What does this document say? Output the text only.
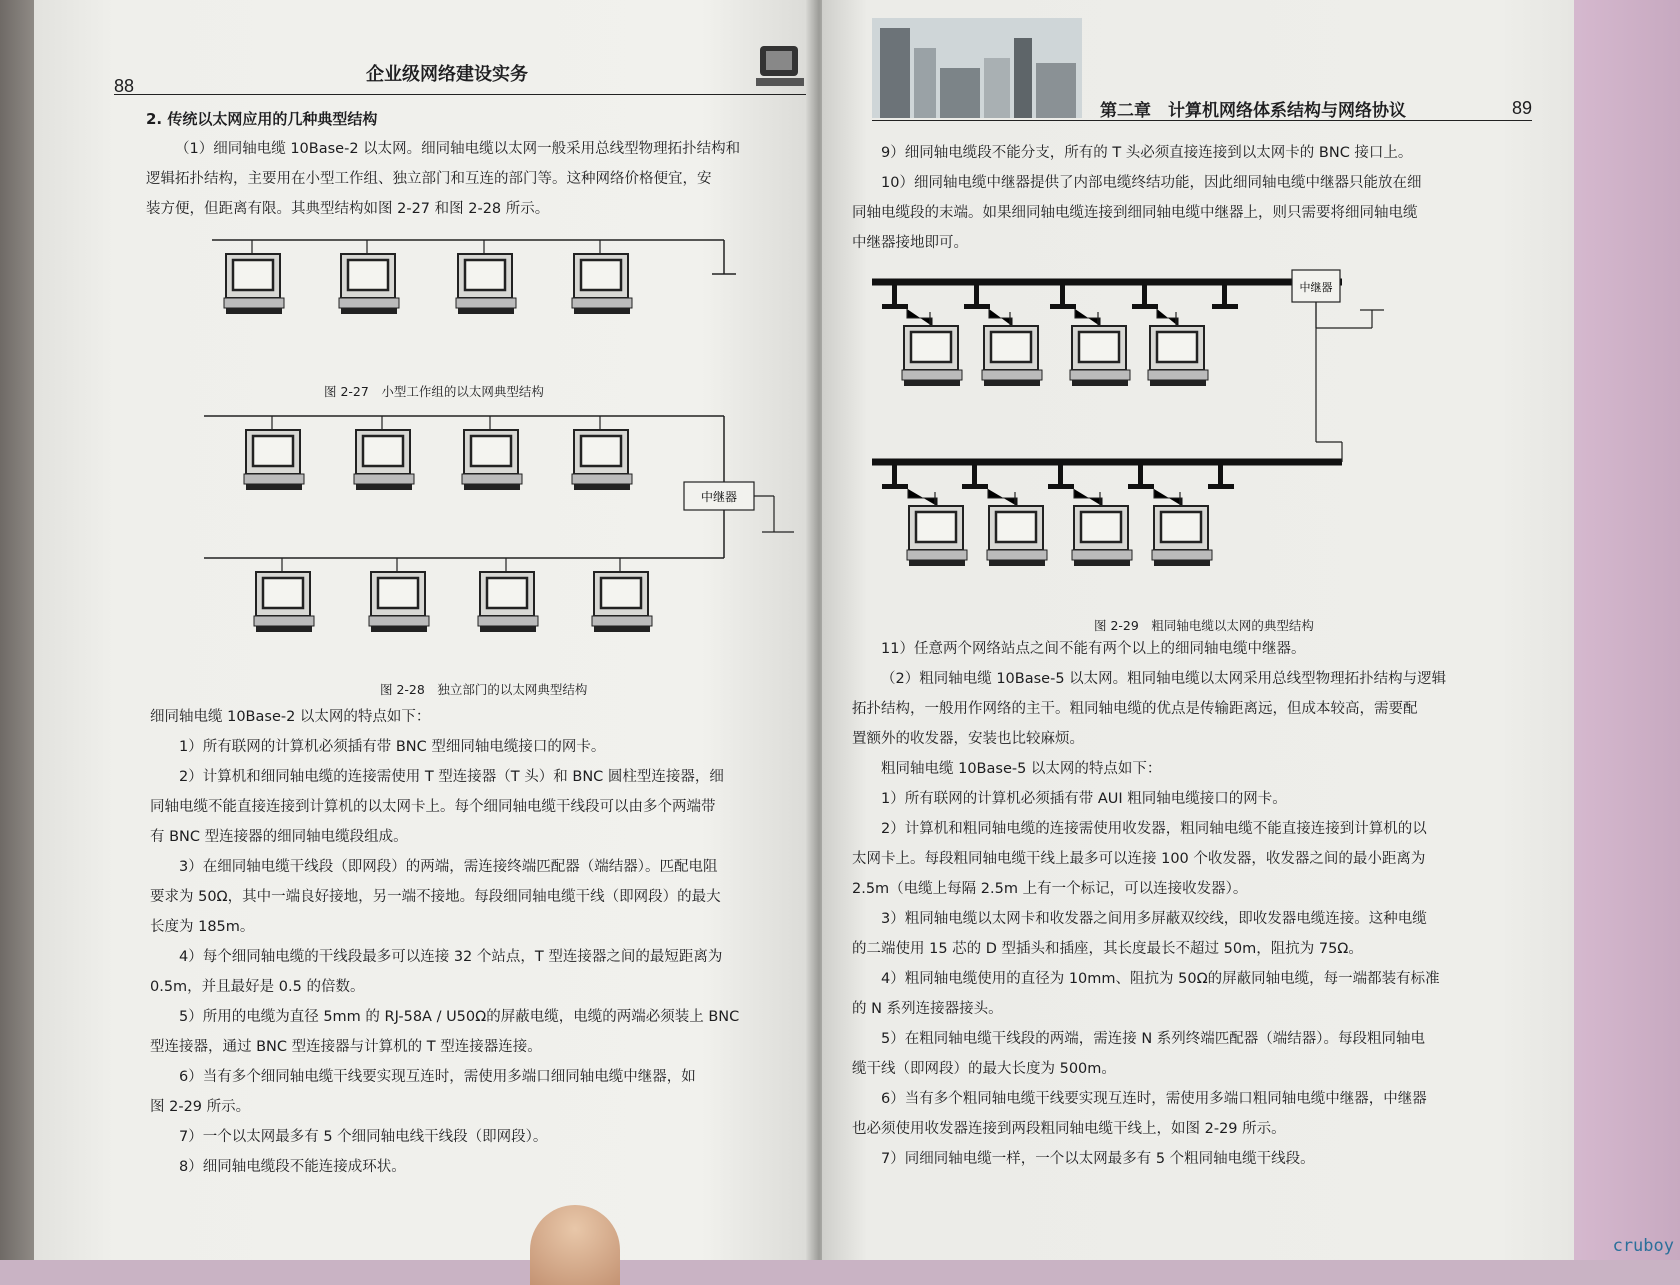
88
企业级网络建设实务

2. 传统以太网应用的几种典型结构

（1）细同轴电缆 10Base-2 以太网。细同轴电缆以太网一般采用总线型物理拓扑结构和

逻辑拓扑结构，主要用在小型工作组、独立部门和互连的部门等。这种网络价格便宜，安

装方便，但距离有限。其典型结构如图 2-27 和图 2-28 所示。

图 2-27　小型工作组的以太网典型结构
中继器
图 2-28　独立部门的以太网典型结构

细同轴电缆 10Base-2 以太网的特点如下：

1）所有联网的计算机必须插有带 BNC 型细同轴电缆接口的网卡。

2）计算机和细同轴电缆的连接需使用 T 型连接器（T 头）和 BNC 圆柱型连接器，细

同轴电缆不能直接连接到计算机的以太网卡上。每个细同轴电缆干线段可以由多个两端带

有 BNC 型连接器的细同轴电缆段组成。

3）在细同轴电缆干线段（即网段）的两端，需连接终端匹配器（端结器）。匹配电阻

要求为 50Ω，其中一端良好接地，另一端不接地。每段细同轴电缆干线（即网段）的最大

长度为 185m。

4）每个细同轴电缆的干线段最多可以连接 32 个站点，T 型连接器之间的最短距离为

0.5m，并且最好是 0.5 的倍数。

5）所用的电缆为直径 5mm 的 RJ-58A / U50Ω的屏蔽电缆，电缆的两端必须装上 BNC

型连接器，通过 BNC 型连接器与计算机的 T 型连接器连接。

6）当有多个细同轴电缆干线要实现互连时，需使用多端口细同轴电缆中继器，如

图 2-29 所示。

7）一个以太网最多有 5 个细同轴电线干线段（即网段）。

8）细同轴电缆段不能连接成环状。

第二章　计算机网络体系结构与网络协议	89

9）细同轴电缆段不能分支，所有的 T 头必须直接连接到以太网卡的 BNC 接口上。

10）细同轴电缆中继器提供了内部电缆终结功能，因此细同轴电缆中继器只能放在细

同轴电缆段的末端。如果细同轴电缆连接到细同轴电缆中继器上，则只需要将细同轴电缆

中继器接地即可。

中继器
图 2-29　粗同轴电缆以太网的典型结构

11）任意两个网络站点之间不能有两个以上的细同轴电缆中继器。

（2）粗同轴电缆 10Base-5 以太网。粗同轴电缆以太网采用总线型物理拓扑结构与逻辑

拓扑结构，一般用作网络的主干。粗同轴电缆的优点是传输距离远，但成本较高，需要配

置额外的收发器，安装也比较麻烦。

粗同轴电缆 10Base-5 以太网的特点如下：

1）所有联网的计算机必须插有带 AUI 粗同轴电缆接口的网卡。

2）计算机和粗同轴电缆的连接需使用收发器，粗同轴电缆不能直接连接到计算机的以

太网卡上。每段粗同轴电缆干线上最多可以连接 100 个收发器，收发器之间的最小距离为

2.5m（电缆上每隔 2.5m 上有一个标记，可以连接收发器）。

3）粗同轴电缆以太网卡和收发器之间用多屏蔽双绞线，即收发器电缆连接。这种电缆

的二端使用 15 芯的 D 型插头和插座，其长度最长不超过 50m，阻抗为 75Ω。

4）粗同轴电缆使用的直径为 10mm、阻抗为 50Ω的屏蔽同轴电缆，每一端都装有标准

的 N 系列连接器接头。

5）在粗同轴电缆干线段的两端，需连接 N 系列终端匹配器（端结器）。每段粗同轴电

缆干线（即网段）的最大长度为 500m。

6）当有多个粗同轴电缆干线要实现互连时，需使用多端口粗同轴电缆中继器，中继器

也必须使用收发器连接到两段粗同轴电缆干线上，如图 2-29 所示。

7）同细同轴电缆一样，一个以太网最多有 5 个粗同轴电缆干线段。

cruboy
